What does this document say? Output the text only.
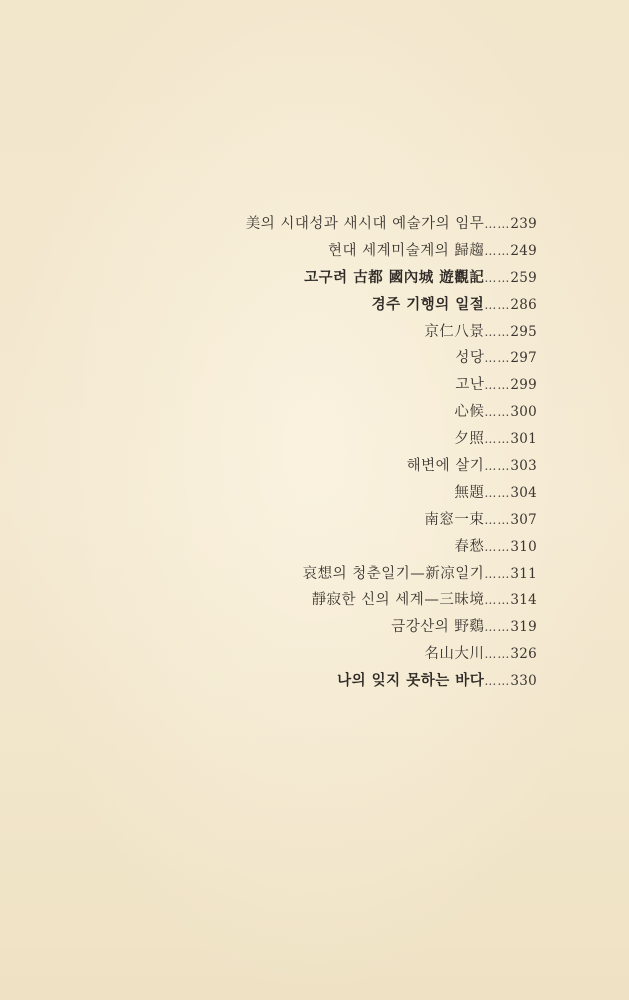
美의 시대성과 새시대 예술가의 임무 …… 239
현대 세계미술계의 歸趨 …… 249
고구려 古都 國內城 遊觀記 …… 259
경주 기행의 일절 …… 286
京仁八景 …… 295
성당 …… 297
고난 …… 299
心候 …… 300
夕照 …… 301
해변에 살기 …… 303
無題 …… 304
南窓一束 …… 307
春愁 …… 310
哀想의 청춘일기—新凉일기 …… 311
靜寂한 신의 세계—三昧境 …… 314
금강산의 野鷄 …… 319
名山大川 …… 326
나의 잊지 못하는 바다 …… 330
